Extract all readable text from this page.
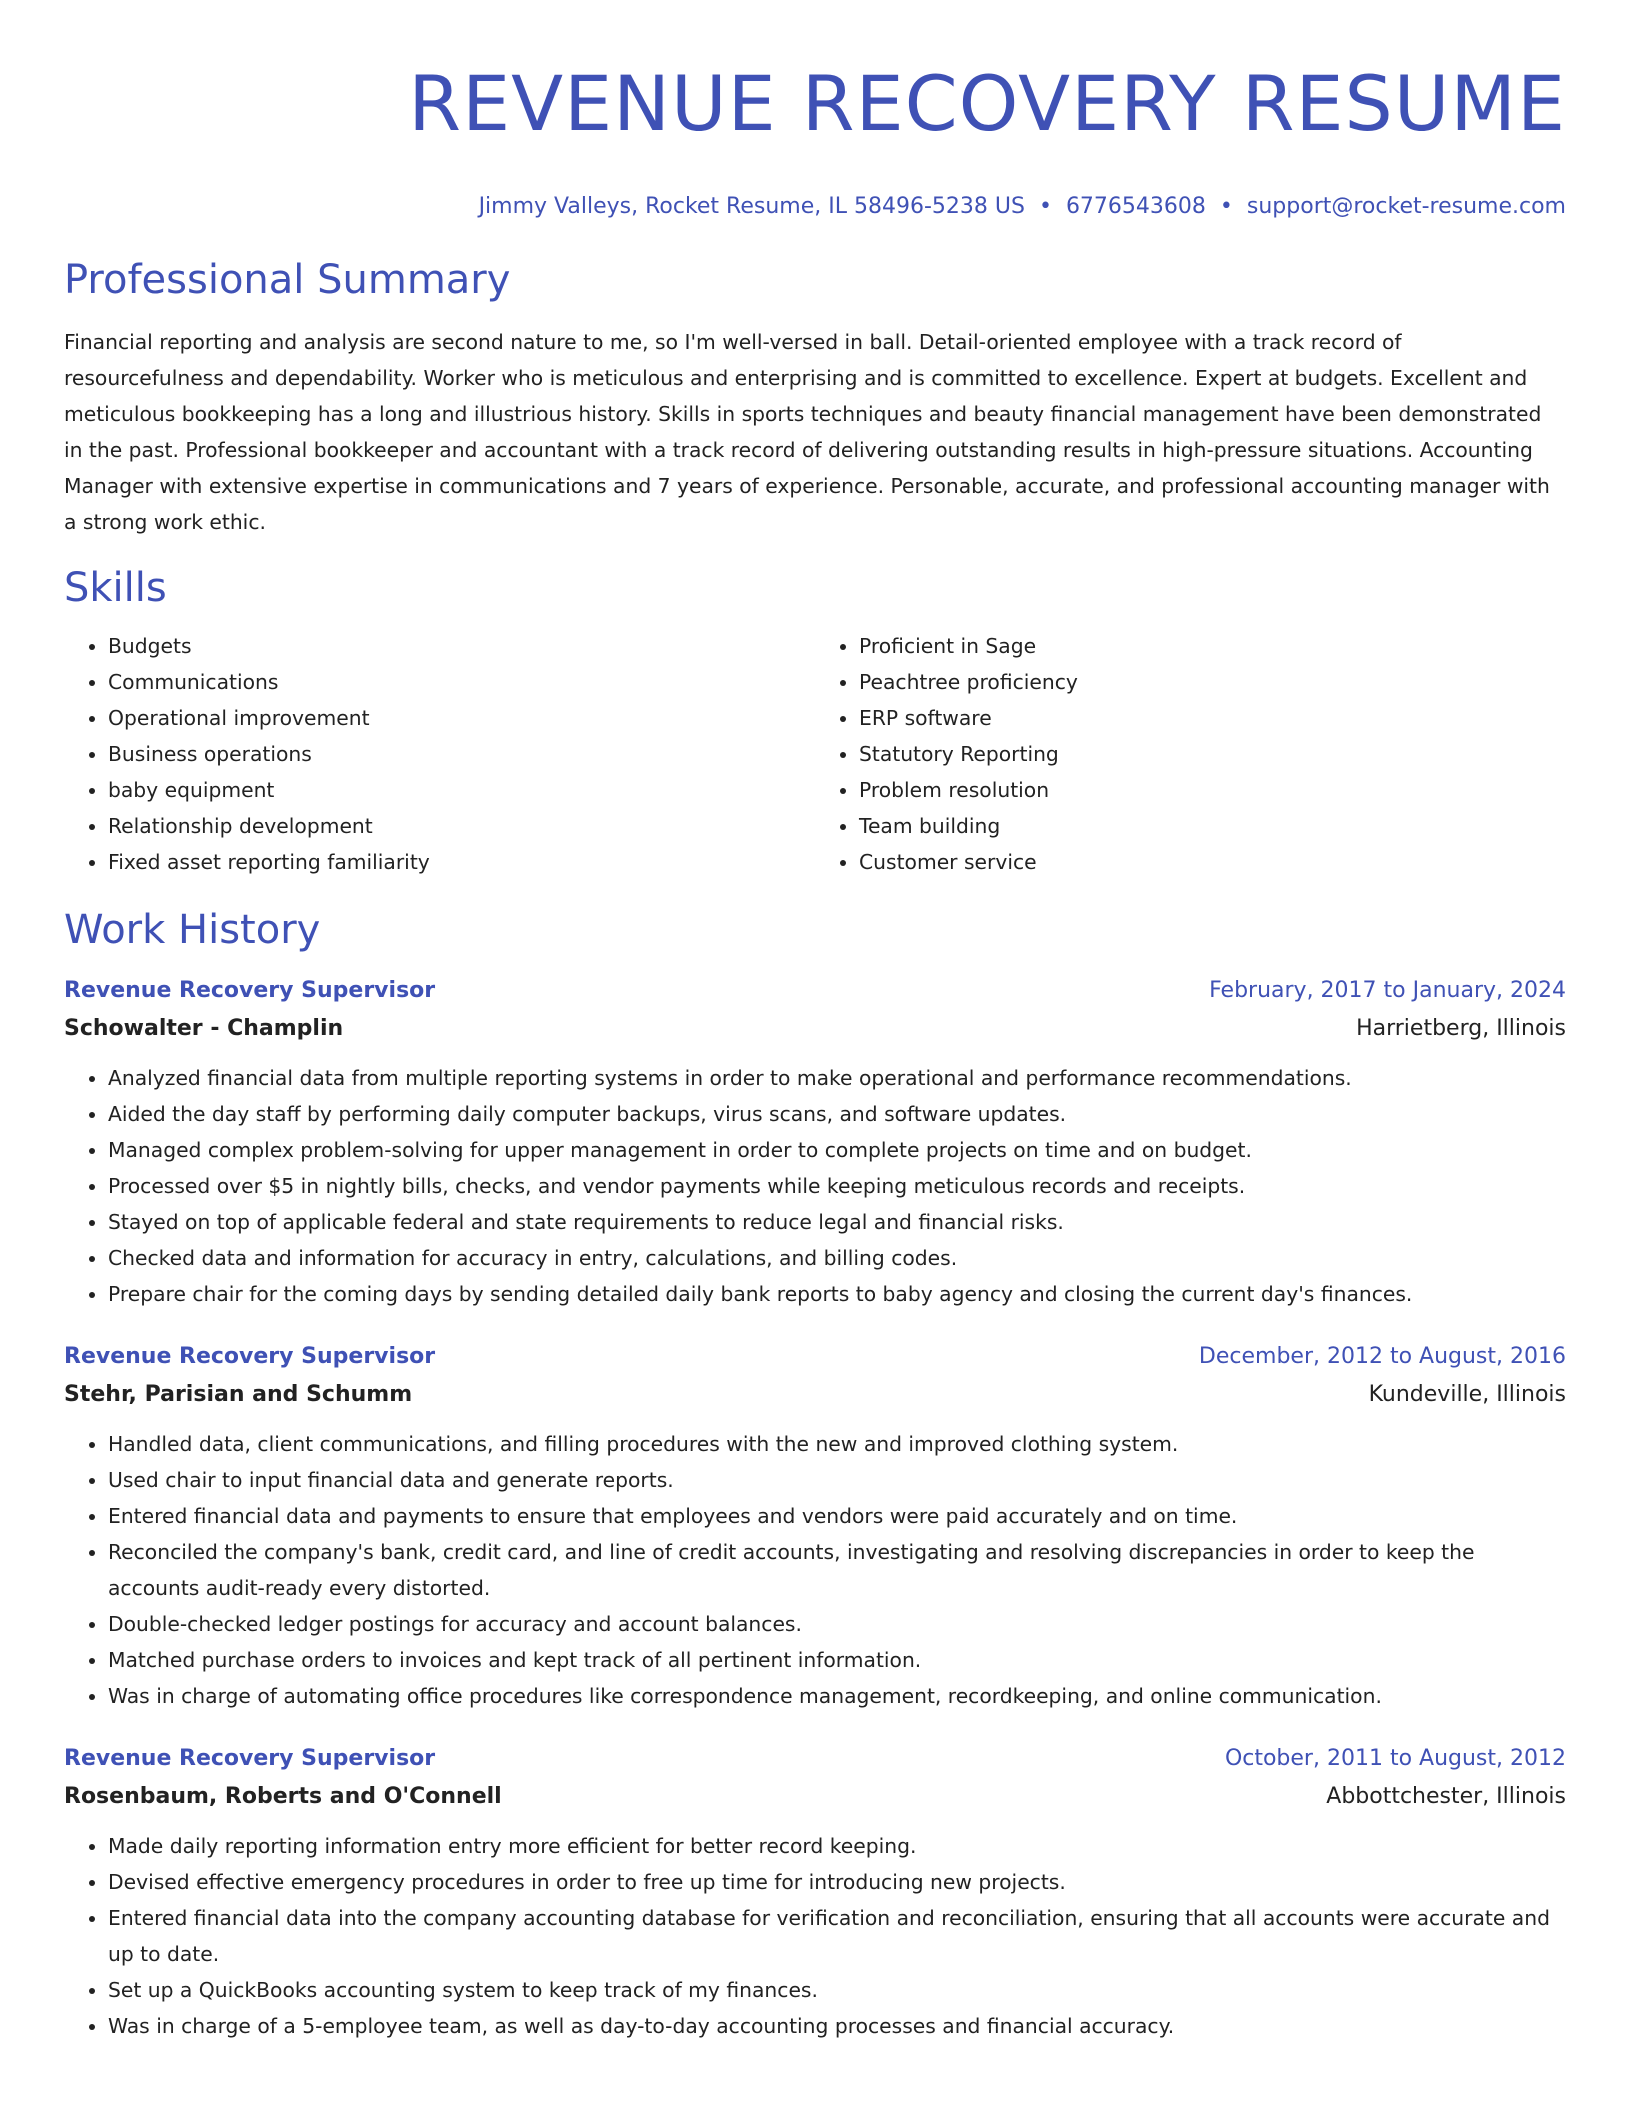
REVENUE RECOVERY RESUME
Jimmy Valleys, Rocket Resume, IL 58496-5238 US • 6776543608 • support@rocket-resume.com
Professional Summary

Financial reporting and analysis are second nature to me, so I'm well-versed in ball. Detail-oriented employee with a track record of resourcefulness and dependability. Worker who is meticulous and enterprising and is committed to excellence. Expert at budgets. Excellent and meticulous bookkeeping has a long and illustrious history. Skills in sports techniques and beauty financial management have been demonstrated in the past. Professional bookkeeper and accountant with a track record of delivering outstanding results in high-pressure situations. Accounting Manager with extensive expertise in communications and 7 years of experience. Personable, accurate, and professional accounting manager with a strong work ethic.

Skills
• Budgets
• Communications
• Operational improvement
• Business operations
• baby equipment
• Relationship development
• Fixed asset reporting familiarity
• Proficient in Sage
• Peachtree proficiency
• ERP software
• Statutory Reporting
• Problem resolution
• Team building
• Customer service
Work History
Revenue Recovery Supervisor	February, 2017 to January, 2024
Schowalter - Champlin	Harrietberg, Illinois
• Analyzed financial data from multiple reporting systems in order to make operational and performance recommendations.
• Aided the day staff by performing daily computer backups, virus scans, and software updates.
• Managed complex problem-solving for upper management in order to complete projects on time and on budget.
• Processed over $5 in nightly bills, checks, and vendor payments while keeping meticulous records and receipts.
• Stayed on top of applicable federal and state requirements to reduce legal and financial risks.
• Checked data and information for accuracy in entry, calculations, and billing codes.
• Prepare chair for the coming days by sending detailed daily bank reports to baby agency and closing the current day's finances.
Revenue Recovery Supervisor	December, 2012 to August, 2016
Stehr, Parisian and Schumm	Kundeville, Illinois
• Handled data, client communications, and filling procedures with the new and improved clothing system.
• Used chair to input financial data and generate reports.
• Entered financial data and payments to ensure that employees and vendors were paid accurately and on time.
• Reconciled the company's bank, credit card, and line of credit accounts, investigating and resolving discrepancies in order to keep the accounts audit-ready every distorted.
• Double-checked ledger postings for accuracy and account balances.
• Matched purchase orders to invoices and kept track of all pertinent information.
• Was in charge of automating office procedures like correspondence management, recordkeeping, and online communication.
Revenue Recovery Supervisor	October, 2011 to August, 2012
Rosenbaum, Roberts and O'Connell	Abbottchester, Illinois
• Made daily reporting information entry more efficient for better record keeping.
• Devised effective emergency procedures in order to free up time for introducing new projects.
• Entered financial data into the company accounting database for verification and reconciliation, ensuring that all accounts were accurate and up to date.
• Set up a QuickBooks accounting system to keep track of my finances.
• Was in charge of a 5-employee team, as well as day-to-day accounting processes and financial accuracy.
